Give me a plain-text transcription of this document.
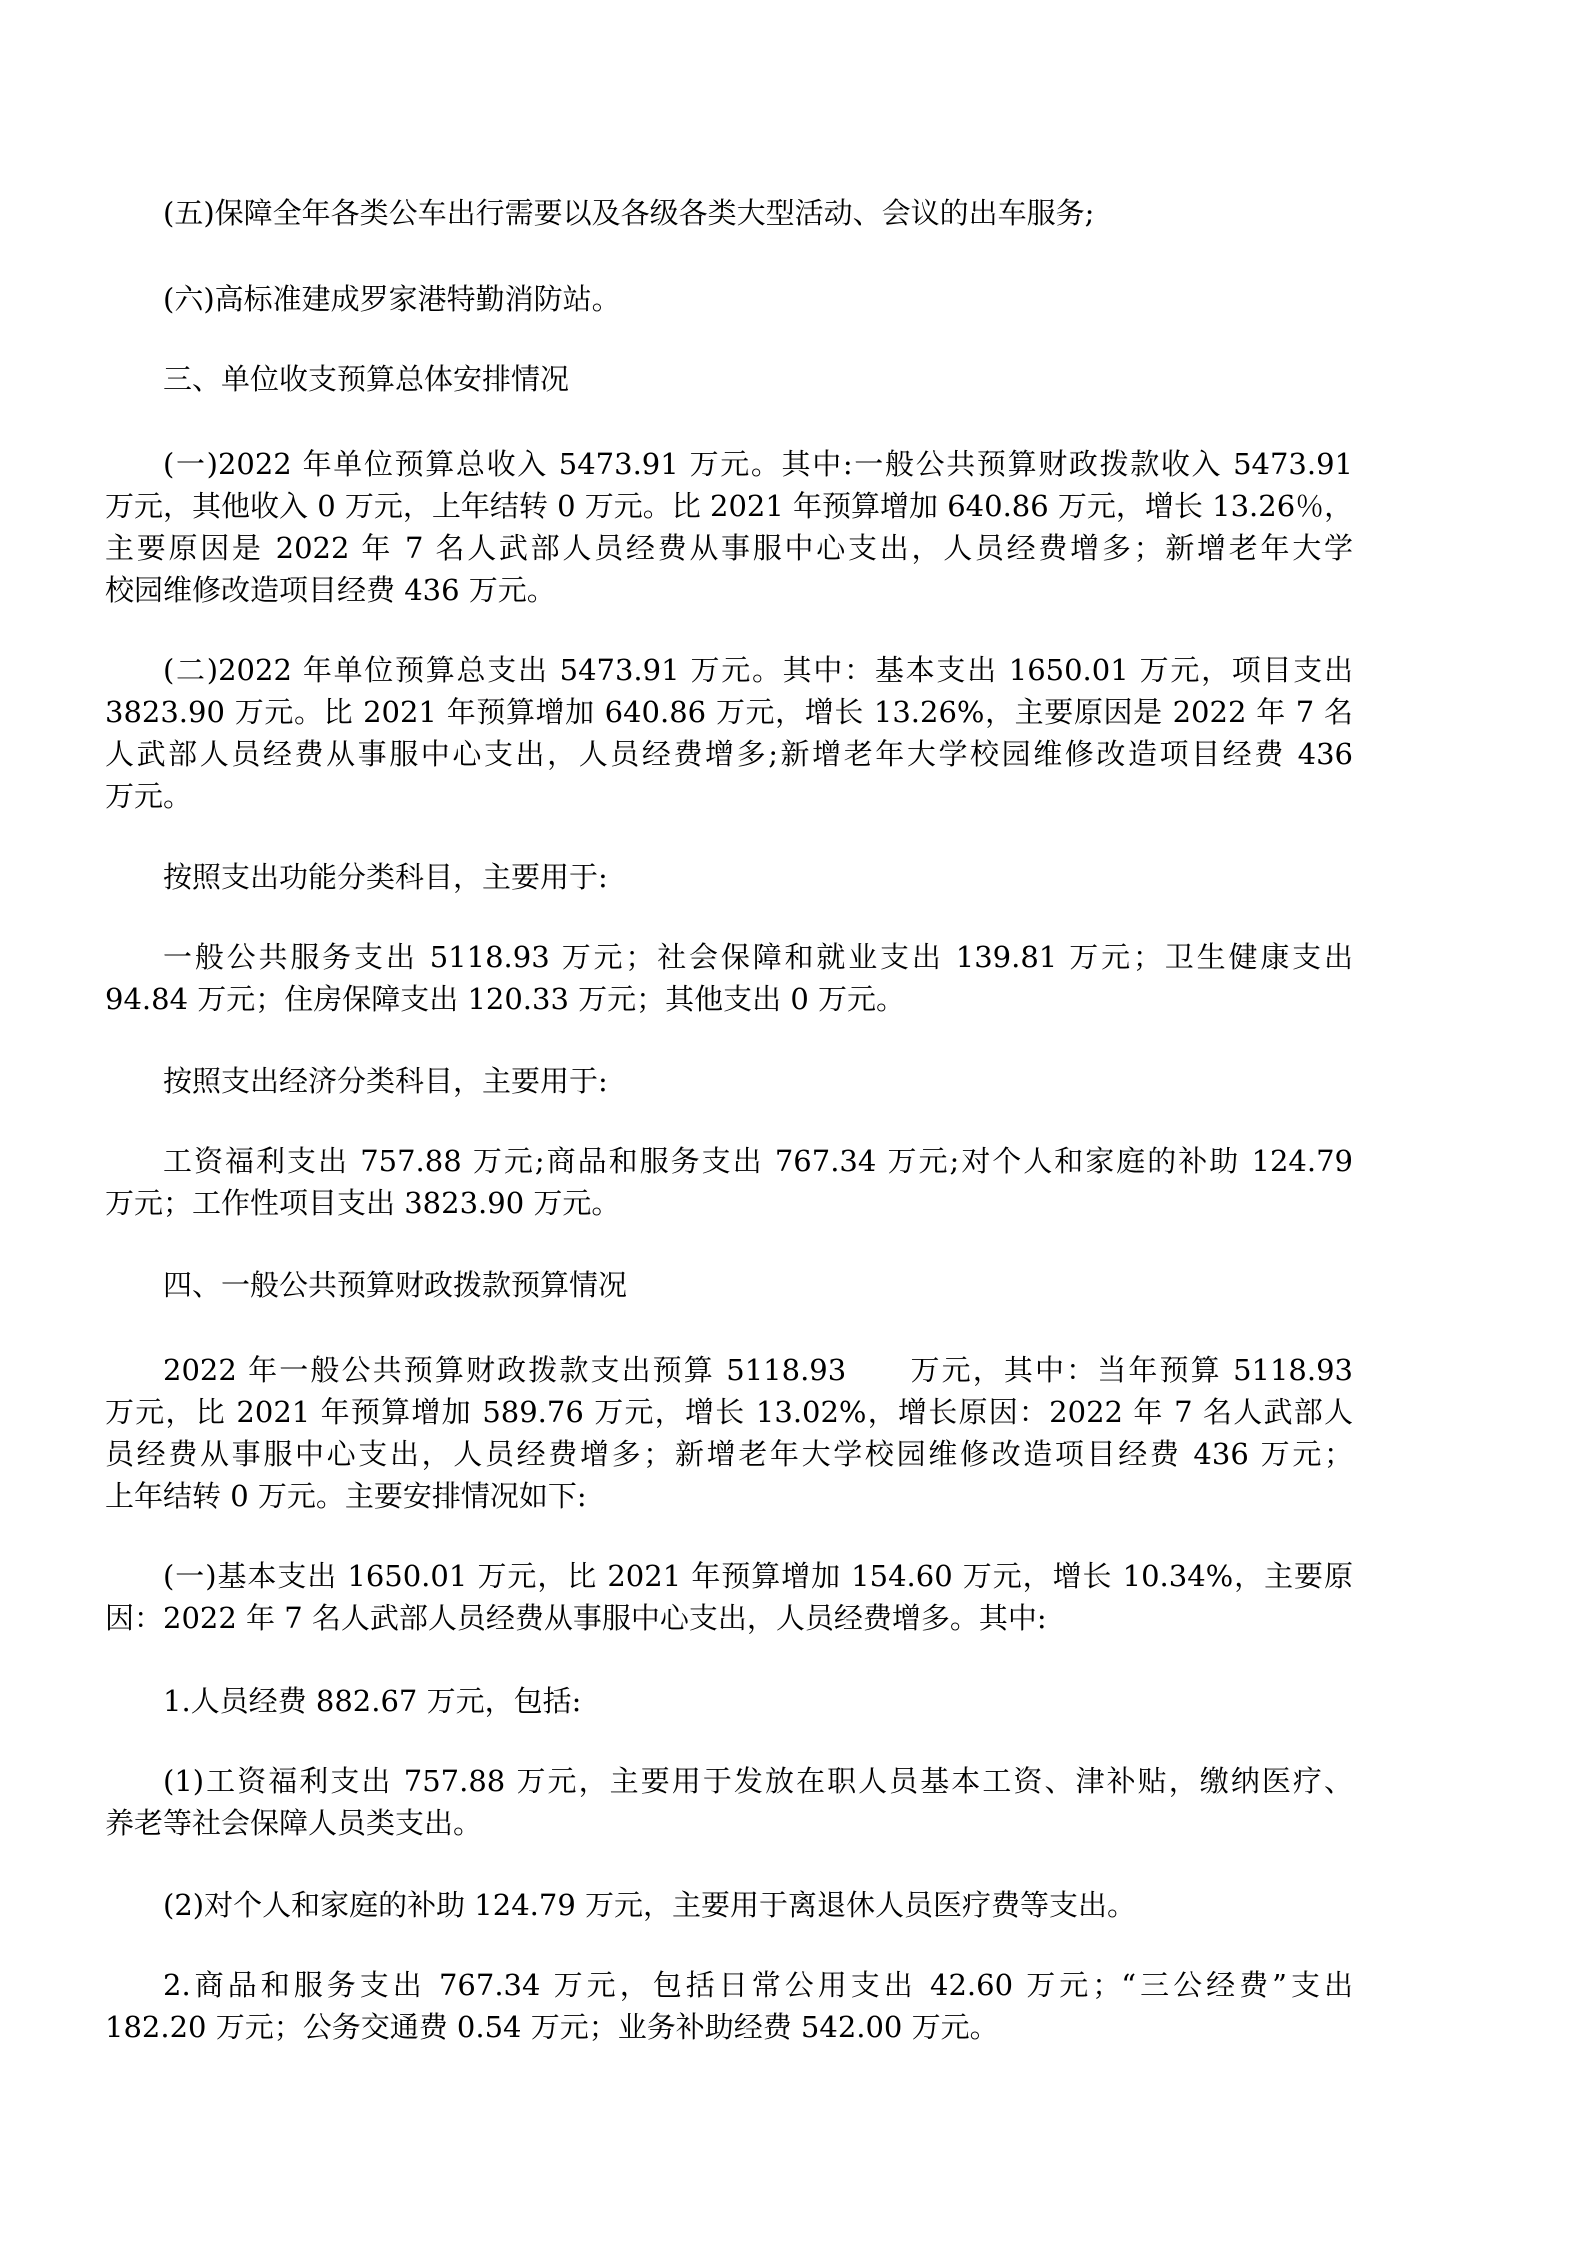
(五)保障全年各类公车出行需要以及各级各类大型活动、会议的出车服务;

(六)高标准建成罗家港特勤消防站。

三、单位收支预算总体安排情况

(一)2022 年单位预算总收入 5473.91 万元。其中:一般公共预算财政拨款收入 5473.91
万元，其他收入 0 万元，上年结转 0 万元。比 2021 年预算增加 640.86 万元，增长 13.26％，
主要原因是 2022 年 7 名人武部人员经费从事服中心支出，人员经费增多；新增老年大学
校园维修改造项目经费 436 万元。

(二)2022 年单位预算总支出 5473.91 万元。其中：基本支出 1650.01 万元，项目支出
3823.90 万元。比 2021 年预算增加 640.86 万元，增长 13.26%，主要原因是 2022 年 7 名
人武部人员经费从事服中心支出，人员经费增多;新增老年大学校园维修改造项目经费 436
万元。

按照支出功能分类科目，主要用于:

一般公共服务支出 5118.93 万元；社会保障和就业支出 139.81 万元；卫生健康支出
94.84 万元；住房保障支出 120.33 万元；其他支出 0 万元。

按照支出经济分类科目，主要用于:

工资福利支出 757.88 万元;商品和服务支出 767.34 万元;对个人和家庭的补助 124.79
万元；工作性项目支出 3823.90 万元。

四、一般公共预算财政拨款预算情况

2022 年一般公共预算财政拨款支出预算 5118.93　　万元，其中：当年预算 5118.93
万元，比 2021 年预算增加 589.76 万元，增长 13.02%，增长原因：2022 年 7 名人武部人
员经费从事服中心支出，人员经费增多；新增老年大学校园维修改造项目经费 436 万元；
上年结转 0 万元。主要安排情况如下:

(一)基本支出 1650.01 万元，比 2021 年预算增加 154.60 万元，增长 10.34%，主要原
因：2022 年 7 名人武部人员经费从事服中心支出，人员经费增多。其中:

1.人员经费 882.67 万元，包括:

(1)工资福利支出 757.88 万元，主要用于发放在职人员基本工资、津补贴，缴纳医疗、
养老等社会保障人员类支出。

(2)对个人和家庭的补助 124.79 万元，主要用于离退休人员医疗费等支出。

2.商品和服务支出 767.34 万元，包括日常公用支出 42.60 万元；“三公经费”支出
182.20 万元；公务交通费 0.54 万元；业务补助经费 542.00 万元。
